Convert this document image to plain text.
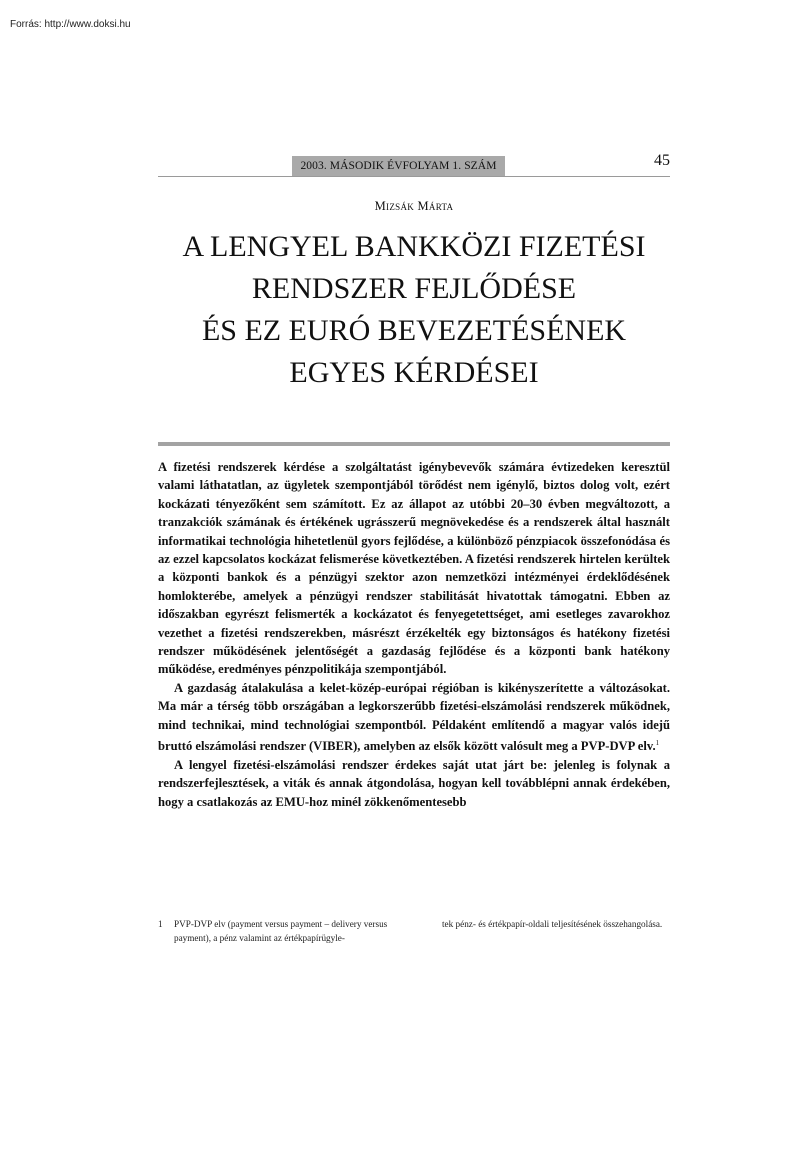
Forrás: http://www.doksi.hu
2003. MÁSODIK ÉVFOLYAM 1. SZÁM	45
Mizsák Márta
A LENGYEL BANKKÖZI FIZETÉSI
RENDSZER FEJLŐDÉSE
ÉS EZ EURÓ BEVEZETÉSÉNEK
EGYES KÉRDÉSEI

A fizetési rendszerek kérdése a szolgáltatást igénybevevők számára évtizedeken keresztül valami láthatatlan, az ügyletek szempontjából törődést nem igénylő, biztos dolog volt, ezért kockázati tényezőként sem számított. Ez az állapot az utóbbi 20–30 évben megváltozott, a tranzakciók számának és értékének ugrásszerű megnövekedése és a rendszerek által használt informatikai technológia hihetetlenül gyors fejlődése, a különböző pénzpiacok összefonódása és az ezzel kapcsolatos kockázat felismerése következtében. A fizetési rendszerek hirtelen kerültek a központi bankok és a pénzügyi szektor azon nemzetközi intézményei érdeklődésének homlokterébe, amelyek a pénzügyi rendszer stabilitását hivatottak támogatni. Ebben az időszakban egyrészt felismerték a kockázatot és fenyegetettséget, ami esetleges zavarokhoz vezethet a fizetési rendszerekben, másrészt érzékelték egy biztonságos és hatékony fizetési rendszer működésének jelentőségét a gazdaság fejlődése és a központi bank hatékony működése, eredményes pénzpolitikája szempontjából.

A gazdaság átalakulása a kelet-közép-európai régióban is kikényszerítette a változásokat. Ma már a térség több országában a legkorszerűbb fizetési-elszámolási rendszerek működnek, mind technikai, mind technológiai szempontból. Példaként említendő a magyar valós idejű bruttó elszámolási rendszer (VIBER), amelyben az elsők között valósult meg a PVP-DVP elv.$^1$

A lengyel fizetési-elszámolási rendszer érdekes saját utat járt be: jelenleg is folynak a rendszerfejlesztések, a viták és annak átgondolása, hogyan kell továbblépni annak érdekében, hogy a csatlakozás az EMU-hoz minél zökkenőmentesebb

1	PVP-DVP elv (payment versus payment – delivery versus payment), a pénz valamint az értékpapírügyle-
tek pénz- és értékpapír-oldali teljesítésének összehangolása.
